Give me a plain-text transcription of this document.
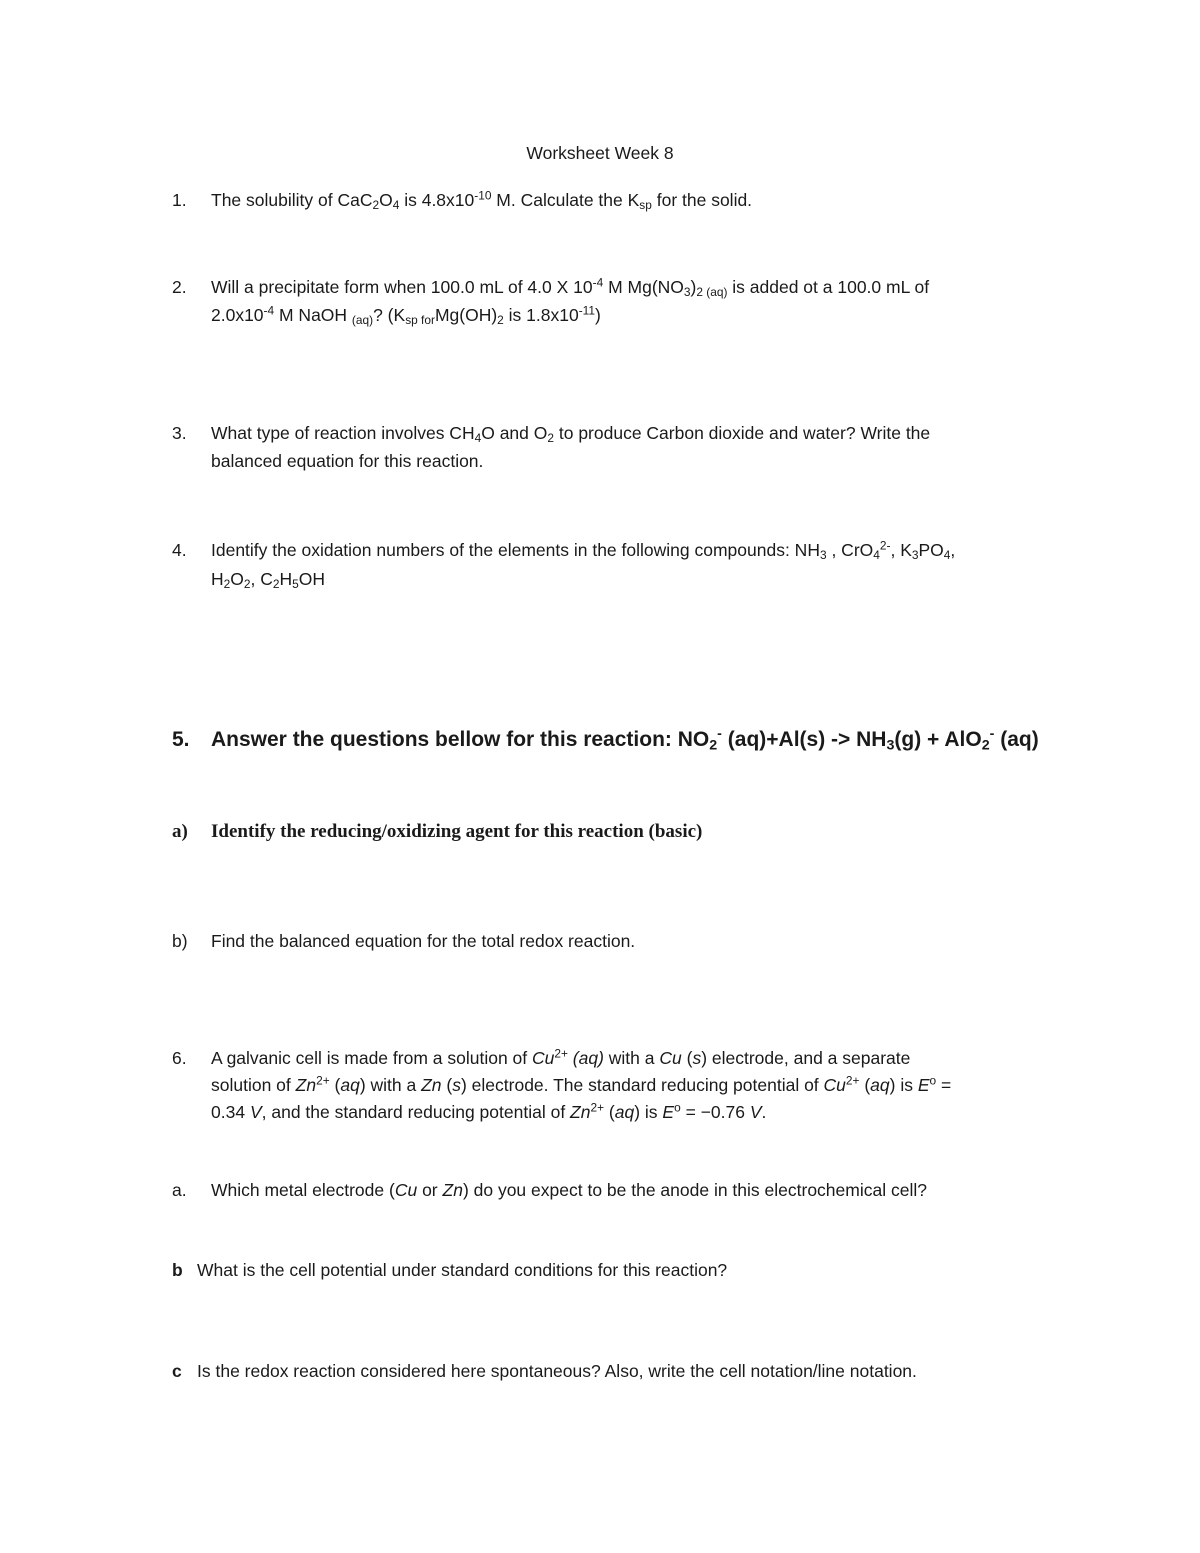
Worksheet Week 8
1. The solubility of $CaC_2O_4$ is $4.8x10^{-10}$ M. Calculate the $K_{sp}$ for the solid.
2. Will a precipitate form when 100.0 mL of 4.0 X $10^{-4}$ M $Mg(NO_3)_{2 (aq)}$ is added ot a 100.0 mL of
$2.0x10^{-4}$ M NaOH $_{(aq)}$? ($K_{sp for}Mg(OH)_2$ is $1.8x10^{-11}$)
3. What type of reaction involves $CH_4O$ and $O_2$ to produce Carbon dioxide and water? Write the
balanced equation for this reaction.
4. Identify the oxidation numbers of the elements in the following compounds: $NH_3$ , CrO$_4^{2-}$, $K_3PO_4$,
$H_2O_2$, $C_2H_5OH$
5. Answer the questions bellow for this reaction: $NO_2^-$ $(aq)+Al(s) -> NH_3(g) + AlO_2^-$ (aq)
a) Identify the reducing/oxidizing agent for this reaction (basic)
b) Find the balanced equation for the total redox reaction.
6. A galvanic cell is made from a solution of $Cu^{2+}$ (aq) with a Cu (s) electrode, and a separate
solution of $Zn^{2+}$ (aq) with a Zn (s) electrode. The standard reducing potential of $Cu^{2+}$ (aq) is $E^o$ =
0.34 V, and the standard reducing potential of $Zn^{2+}$ (aq) is $E^o = -0.76$ V.
a. Which metal electrode (Cu or Zn) do you expect to be the anode in this electrochemical cell?
b What is the cell potential under standard conditions for this reaction?
c Is the redox reaction considered here spontaneous? Also, write the cell notation/line notation.
